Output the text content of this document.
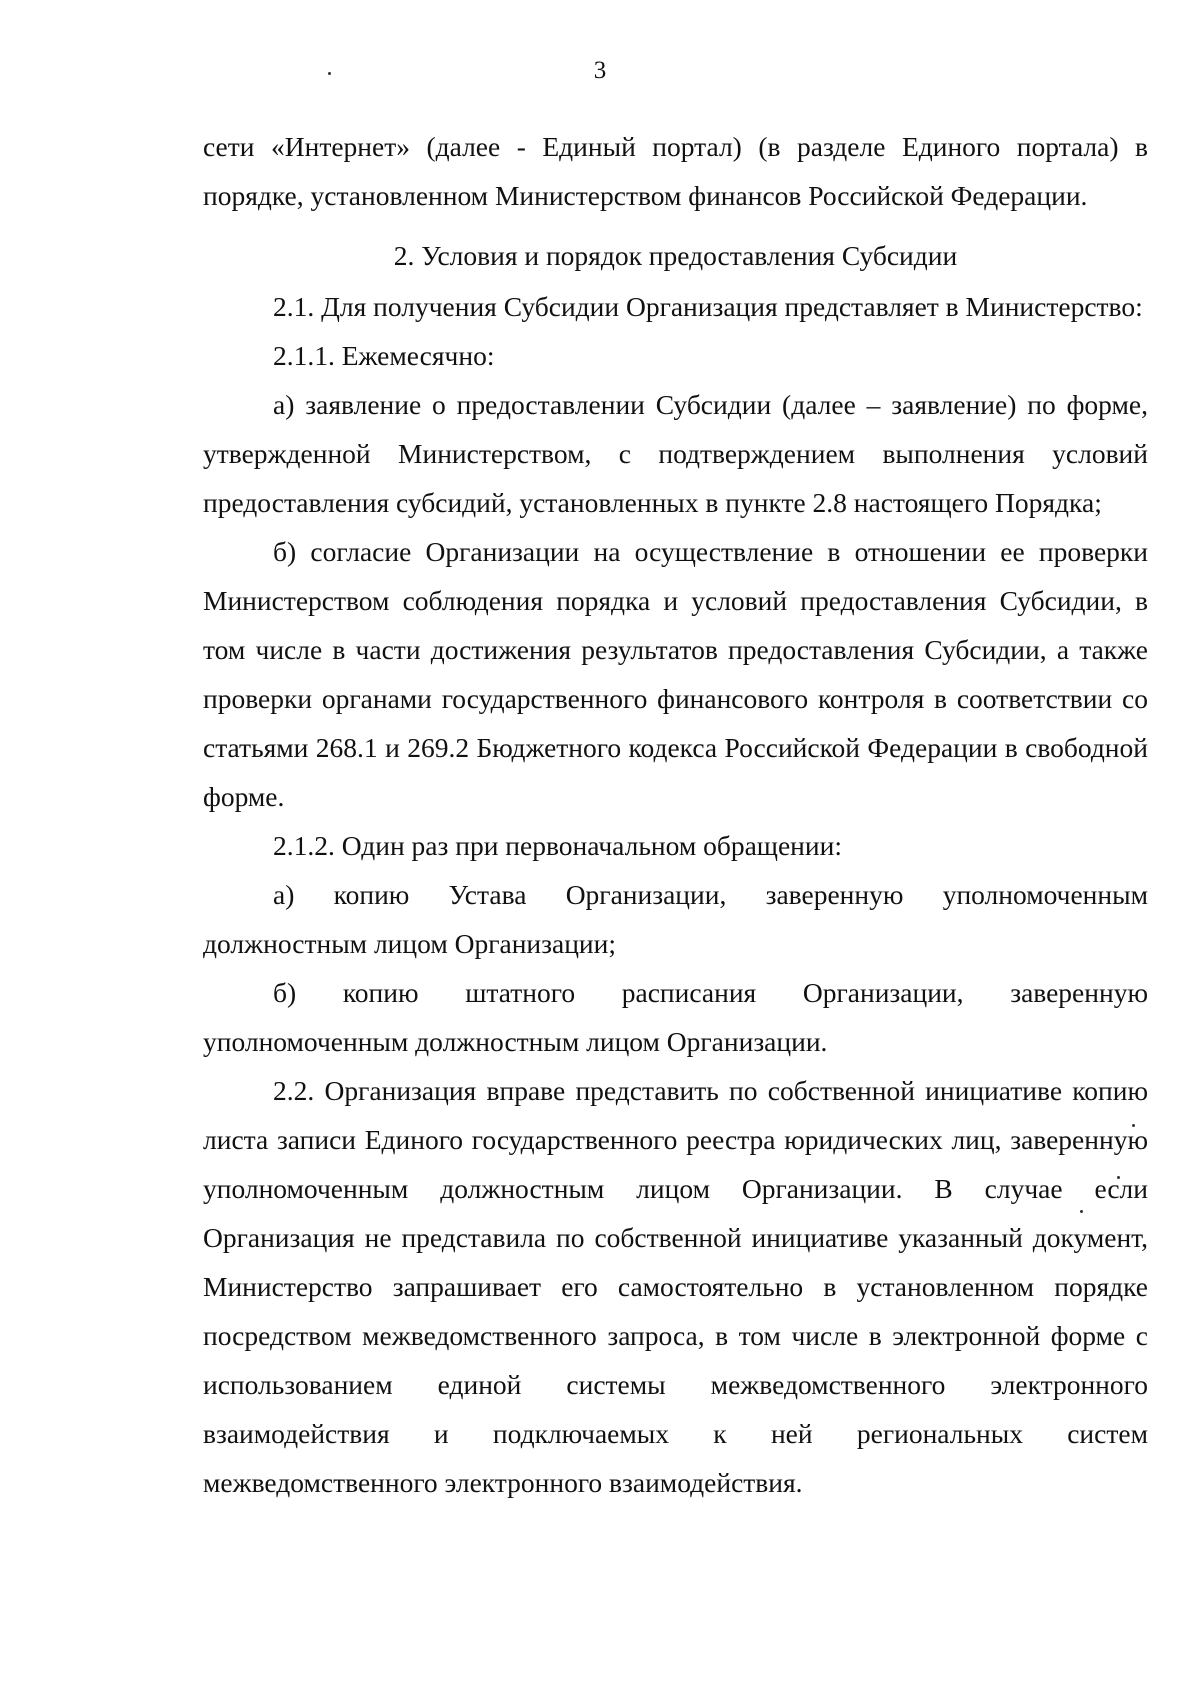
3

сети «Интернет» (далее - Единый портал) (в разделе Единого портала) в порядке, установленном Министерством финансов Российской Федерации.

2. Условия и порядок предоставления Субсидии

2.1. Для получения Субсидии Организация представляет в Министерство:

2.1.1. Ежемесячно:

а) заявление о предоставлении Субсидии (далее – заявление) по форме, утвержденной Министерством, с подтверждением выполнения условий предоставления субсидий, установленных в пункте 2.8 настоящего Порядка;

б) согласие Организации на осуществление в отношении ее проверки Министерством соблюдения порядка и условий предоставления Субсидии, в том числе в части достижения результатов предоставления Субсидии, а также проверки органами государственного финансового контроля в соответствии со статьями 268.1 и 269.2 Бюджетного кодекса Российской Федерации в свободной форме.

2.1.2. Один раз при первоначальном обращении:

а) копию Устава Организации, заверенную уполномоченным должностным лицом Организации;

б) копию штатного расписания Организации, заверенную уполномоченным должностным лицом Организации.

2.2. Организация вправе представить по собственной инициативе копию листа записи Единого государственного реестра юридических лиц, заверенную уполномоченным должностным лицом Организации. В случае если Организация не представила по собственной инициативе указанный документ, Министерство запрашивает его самостоятельно в установленном порядке посредством межведомственного запроса, в том числе в электронной форме с использованием единой системы межведомственного электронного взаимодействия и подключаемых к ней региональных систем межведомственного электронного взаимодействия.
